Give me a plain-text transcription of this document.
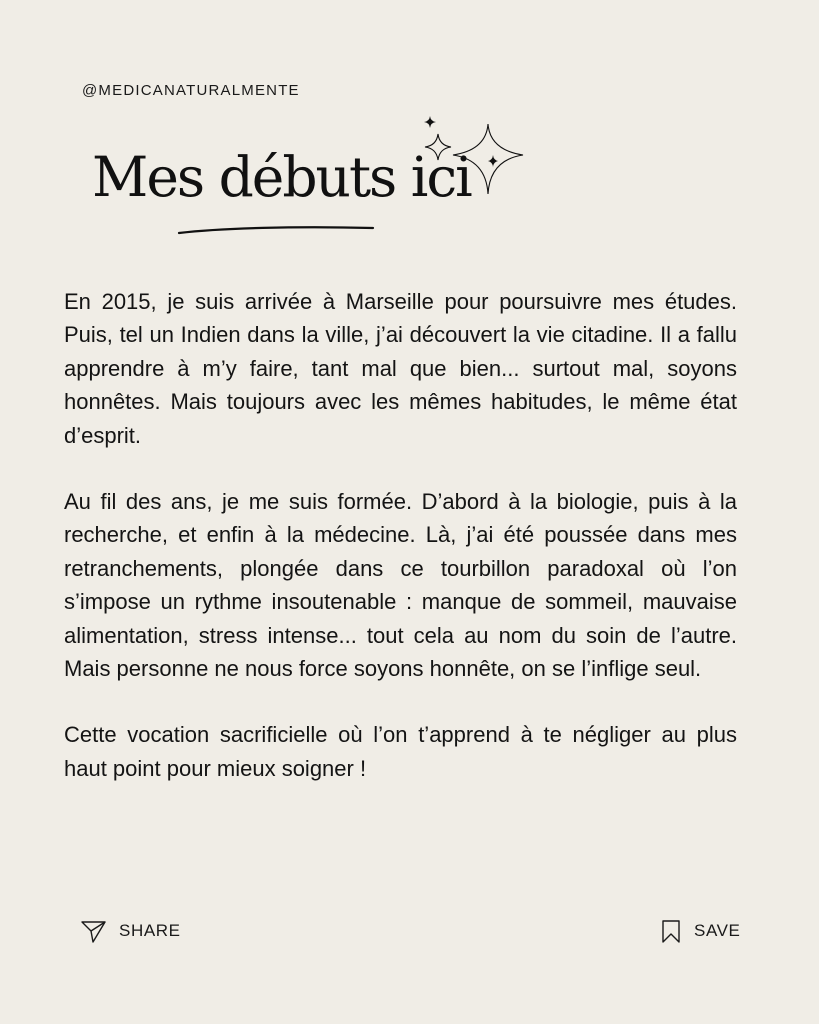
@MEDICANATURALMENTE
Mes débuts ici

En 2015, je suis arrivée à Marseille pour poursuivre mes études. Puis, tel un Indien dans la ville, j’ai découvert la vie citadine. Il a fallu apprendre à m’y faire, tant mal que bien... surtout mal, soyons honnêtes. Mais toujours avec les mêmes habitudes, le même état d’esprit.

Au fil des ans, je me suis formée. D’abord à la biologie, puis à la recherche, et enfin à la médecine. Là, j’ai été poussée dans mes retranchements, plongée dans ce tourbillon paradoxal où l’on s’impose un rythme insoutenable : manque de sommeil, mauvaise alimentation, stress intense... tout cela au nom du soin de l’autre. Mais personne ne nous force soyons honnête, on se l’inflige seul.

Cette vocation sacrificielle où l’on t’apprend à te négliger au plus haut point pour mieux soigner !

SHARE	SAVE
